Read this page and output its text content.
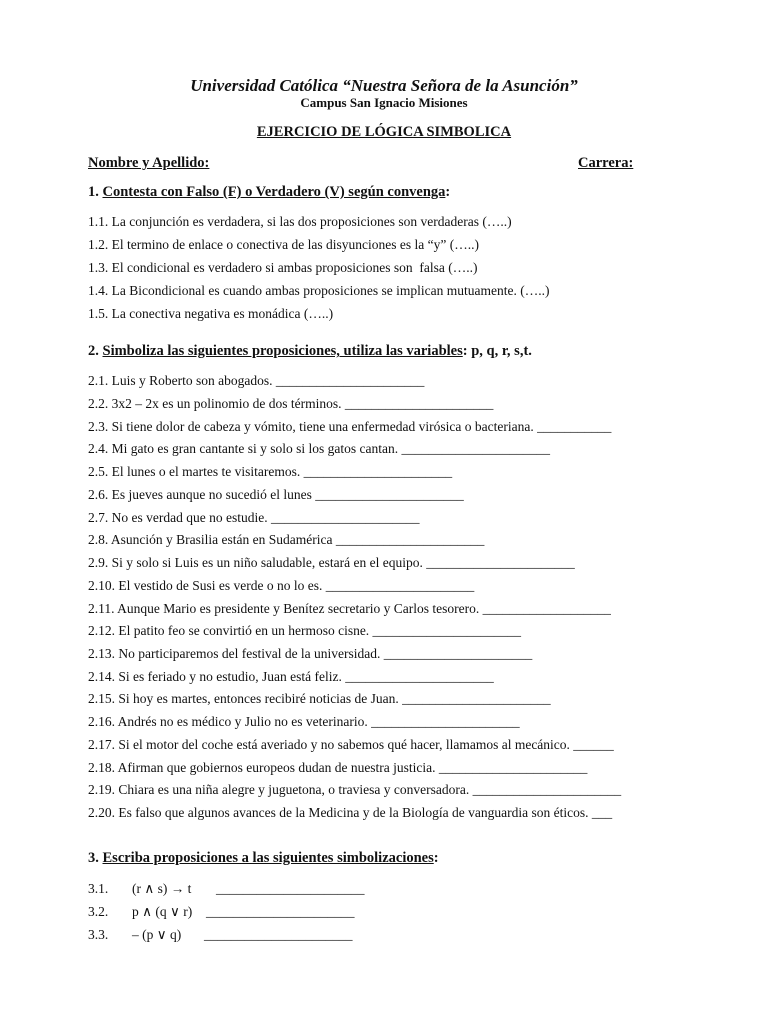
Universidad Católica “Nuestra Señora de la Asunción”
Campus San Ignacio Misiones
EJERCICIO DE LÓGICA SIMBOLICA
Nombre y Apellido:	Carrera:
1. Contesta con Falso (F) o Verdadero (V) según convenga:
1.1. La conjunción es verdadera, si las dos proposiciones son verdaderas (…..)
1.2. El termino de enlace o conectiva de las disyunciones es la “y” (…..)
1.3. El condicional es verdadero si ambas proposiciones son  falsa (…..)
1.4. La Bicondicional es cuando ambas proposiciones se implican mutuamente. (…..)
1.5. La conectiva negativa es monádica (…..)
2. Simboliza las siguientes proposiciones, utiliza las variables: p, q, r, s,t.
2.1. Luis y Roberto son abogados. ______________________
2.2. 3x2 – 2x es un polinomio de dos términos. ______________________
2.3. Si tiene dolor de cabeza y vómito, tiene una enfermedad virósica o bacteriana. ___________
2.4. Mi gato es gran cantante si y solo si los gatos cantan. ______________________
2.5. El lunes o el martes te visitaremos. ______________________
2.6. Es jueves aunque no sucedió el lunes ______________________
2.7. No es verdad que no estudie. ______________________
2.8. Asunción y Brasilia están en Sudamérica ______________________
2.9. Si y solo si Luis es un niño saludable, estará en el equipo. ______________________
2.10. El vestido de Susi es verde o no lo es. ______________________
2.11. Aunque Mario es presidente y Benítez secretario y Carlos tesorero. ___________________
2.12. El patito feo se convirtió en un hermoso cisne. ______________________
2.13. No participaremos del festival de la universidad. ______________________
2.14. Si es feriado y no estudio, Juan está feliz. ______________________
2.15. Si hoy es martes, entonces recibiré noticias de Juan. ______________________
2.16. Andrés no es médico y Julio no es veterinario. ______________________
2.17. Si el motor del coche está averiado y no sabemos qué hacer, llamamos al mecánico. ______
2.18. Afirman que gobiernos europeos dudan de nuestra justicia. ______________________
2.19. Chiara es una niña alegre y juguetona, o traviesa y conversadora. ______________________
2.20. Es falso que algunos avances de la Medicina y de la Biología de vanguardia son éticos. ___
3. Escriba proposiciones a las siguientes simbolizaciones:
3.1. (r ∧ s) → t ______________________
3.2. p ∧ (q ∨ r) ______________________
3.3. – (p ∨ q) ______________________
